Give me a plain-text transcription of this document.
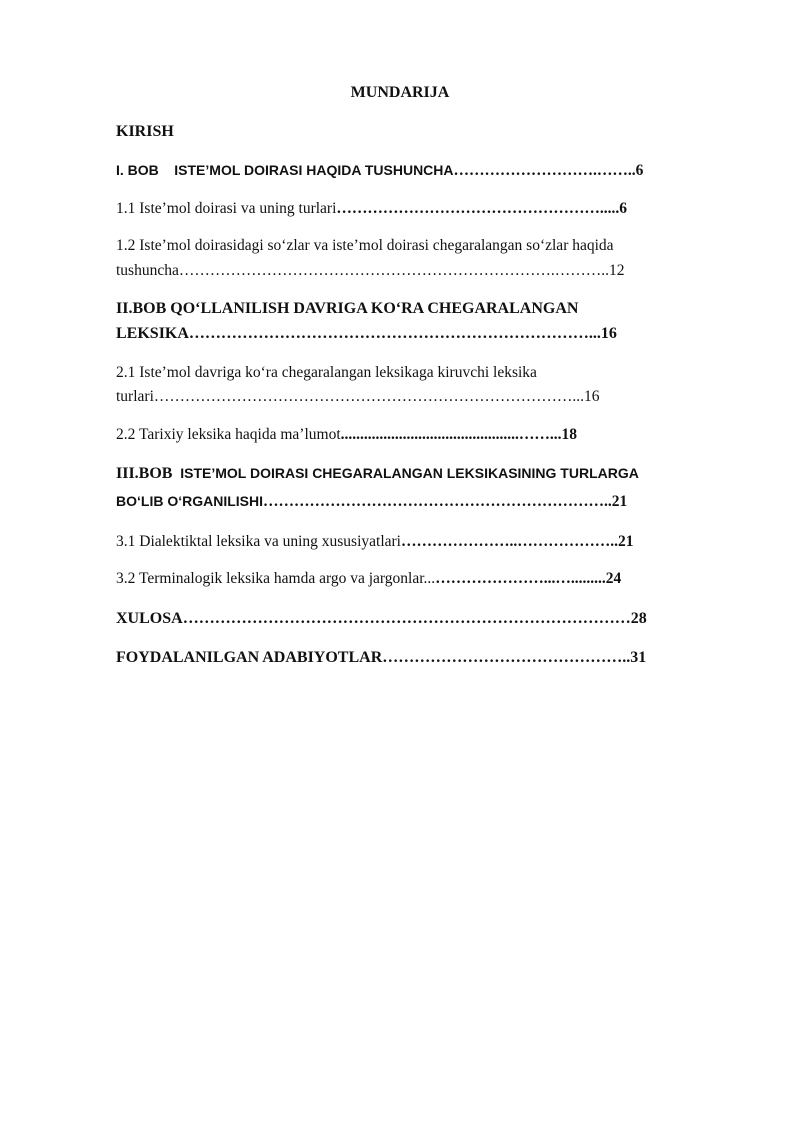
MUNDARIJA
KIRISH
I. BOB ISTE’MOL DOIRASI HAQIDA TUSHUNCHA……………………….……..6
1.1 Iste’mol doirasi va uning turlari…………………………………………….....6
1.2 Iste’mol doirasidagi so‘zlar va iste’mol doirasi chegaralangan so‘zlar haqida
tushuncha……………………………………………………………….………..12
II.BOB QO‘LLANILISH DAVRIGA KO‘RA CHEGARALANGAN
LEKSIKA…………………………………………………………………...16
2.1 Iste’mol davriga ko‘ra chegaralangan leksikaga kiruvchi leksika
turlari………………………………………………………………………...16
2.2 Tarixiy leksika haqida ma’lumot..............................................……...18
III.BOB ISTE’MOL DOIRASI CHEGARALANGAN LEKSIKASINING TURLARGA
BO‘LIB O‘RGANILISHI…………………………………………………………..21
3.1 Dialektiktal leksika va uning xususiyatlari…………………..………………..21
3.2 Terminalogik leksika hamda argo va jargonlar...…………………...….........24
XULOSA…………………………………………………………………………28
FOYDALANILGAN ADABIYOTLAR………………………………………..31
